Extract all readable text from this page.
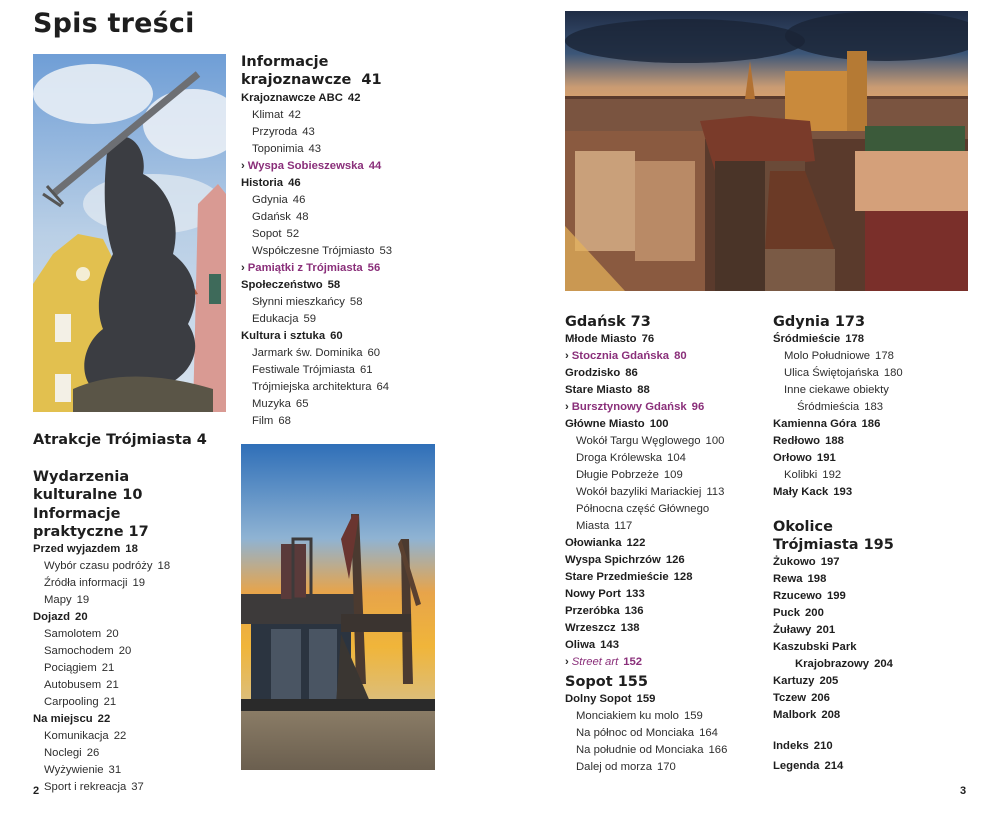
Spis treści
Informacje
krajoznawcze 41
Krajoznawcze ABC 42
Klimat 42
Przyroda 43
Toponimia 43
› Wyspa Sobieszewska 44
Historia 46
Gdynia 46
Gdańsk 48
Sopot 52
Współczesne Trójmiasto 53
› Pamiątki z Trójmiasta 56
Społeczeństwo 58
Słynni mieszkańcy 58
Edukacja 59
Kultura i sztuka 60
Jarmark św. Dominika 60
Festiwale Trójmiasta 61
Trójmiejska architektura 64
Muzyka 65
Film 68
Atrakcje Trójmiasta 4
Wydarzenia kulturalne 10
Informacje praktyczne 17
Przed wyjazdem 18
Wybór czasu podróży 18
Źródła informacji 19
Mapy 19
Dojazd 20
Samolotem 20
Samochodem 20
Pociągiem 21
Autobusem 21
Carpooling 21
Na miejscu 22
Komunikacja 22
Noclegi 26
Wyżywienie 31
Sport i rekreacja 37
2
Gdańsk 73
Młode Miasto 76
› Stocznia Gdańska 80
Grodzisko 86
Stare Miasto 88
› Bursztynowy Gdańsk 96
Główne Miasto 100
Wokół Targu Węglowego 100
Droga Królewska 104
Długie Pobrzeże 109
Wokół bazyliki Mariackiej 113
Północna część Głównego Miasta 117
Ołowianka 122
Wyspa Spichrzów 126
Stare Przedmieście 128
Nowy Port 133
Przeróbka 136
Wrzeszcz 138
Oliwa 143
› Street art 152
Sopot 155
Dolny Sopot 159
Monciakiem ku molo 159
Na północ od Monciaka 164
Na południe od Monciaka 166
Dalej od morza 170
Gdynia 173
Śródmieście 178
Molo Południowe 178
Ulica Świętojańska 180
Inne ciekawe obiekty
Śródmieścia 183
Kamienna Góra 186
Redłowo 188
Orłowo 191
Kolibki 192
Mały Kack 193
Okolice
Trójmiasta 195
Żukowo 197
Rewa 198
Rzucewo 199
Puck 200
Żuławy 201
Kaszubski Park
Krajobrazowy 204
Kartuzy 205
Tczew 206
Malbork 208
Indeks 210
Legenda 214
3
